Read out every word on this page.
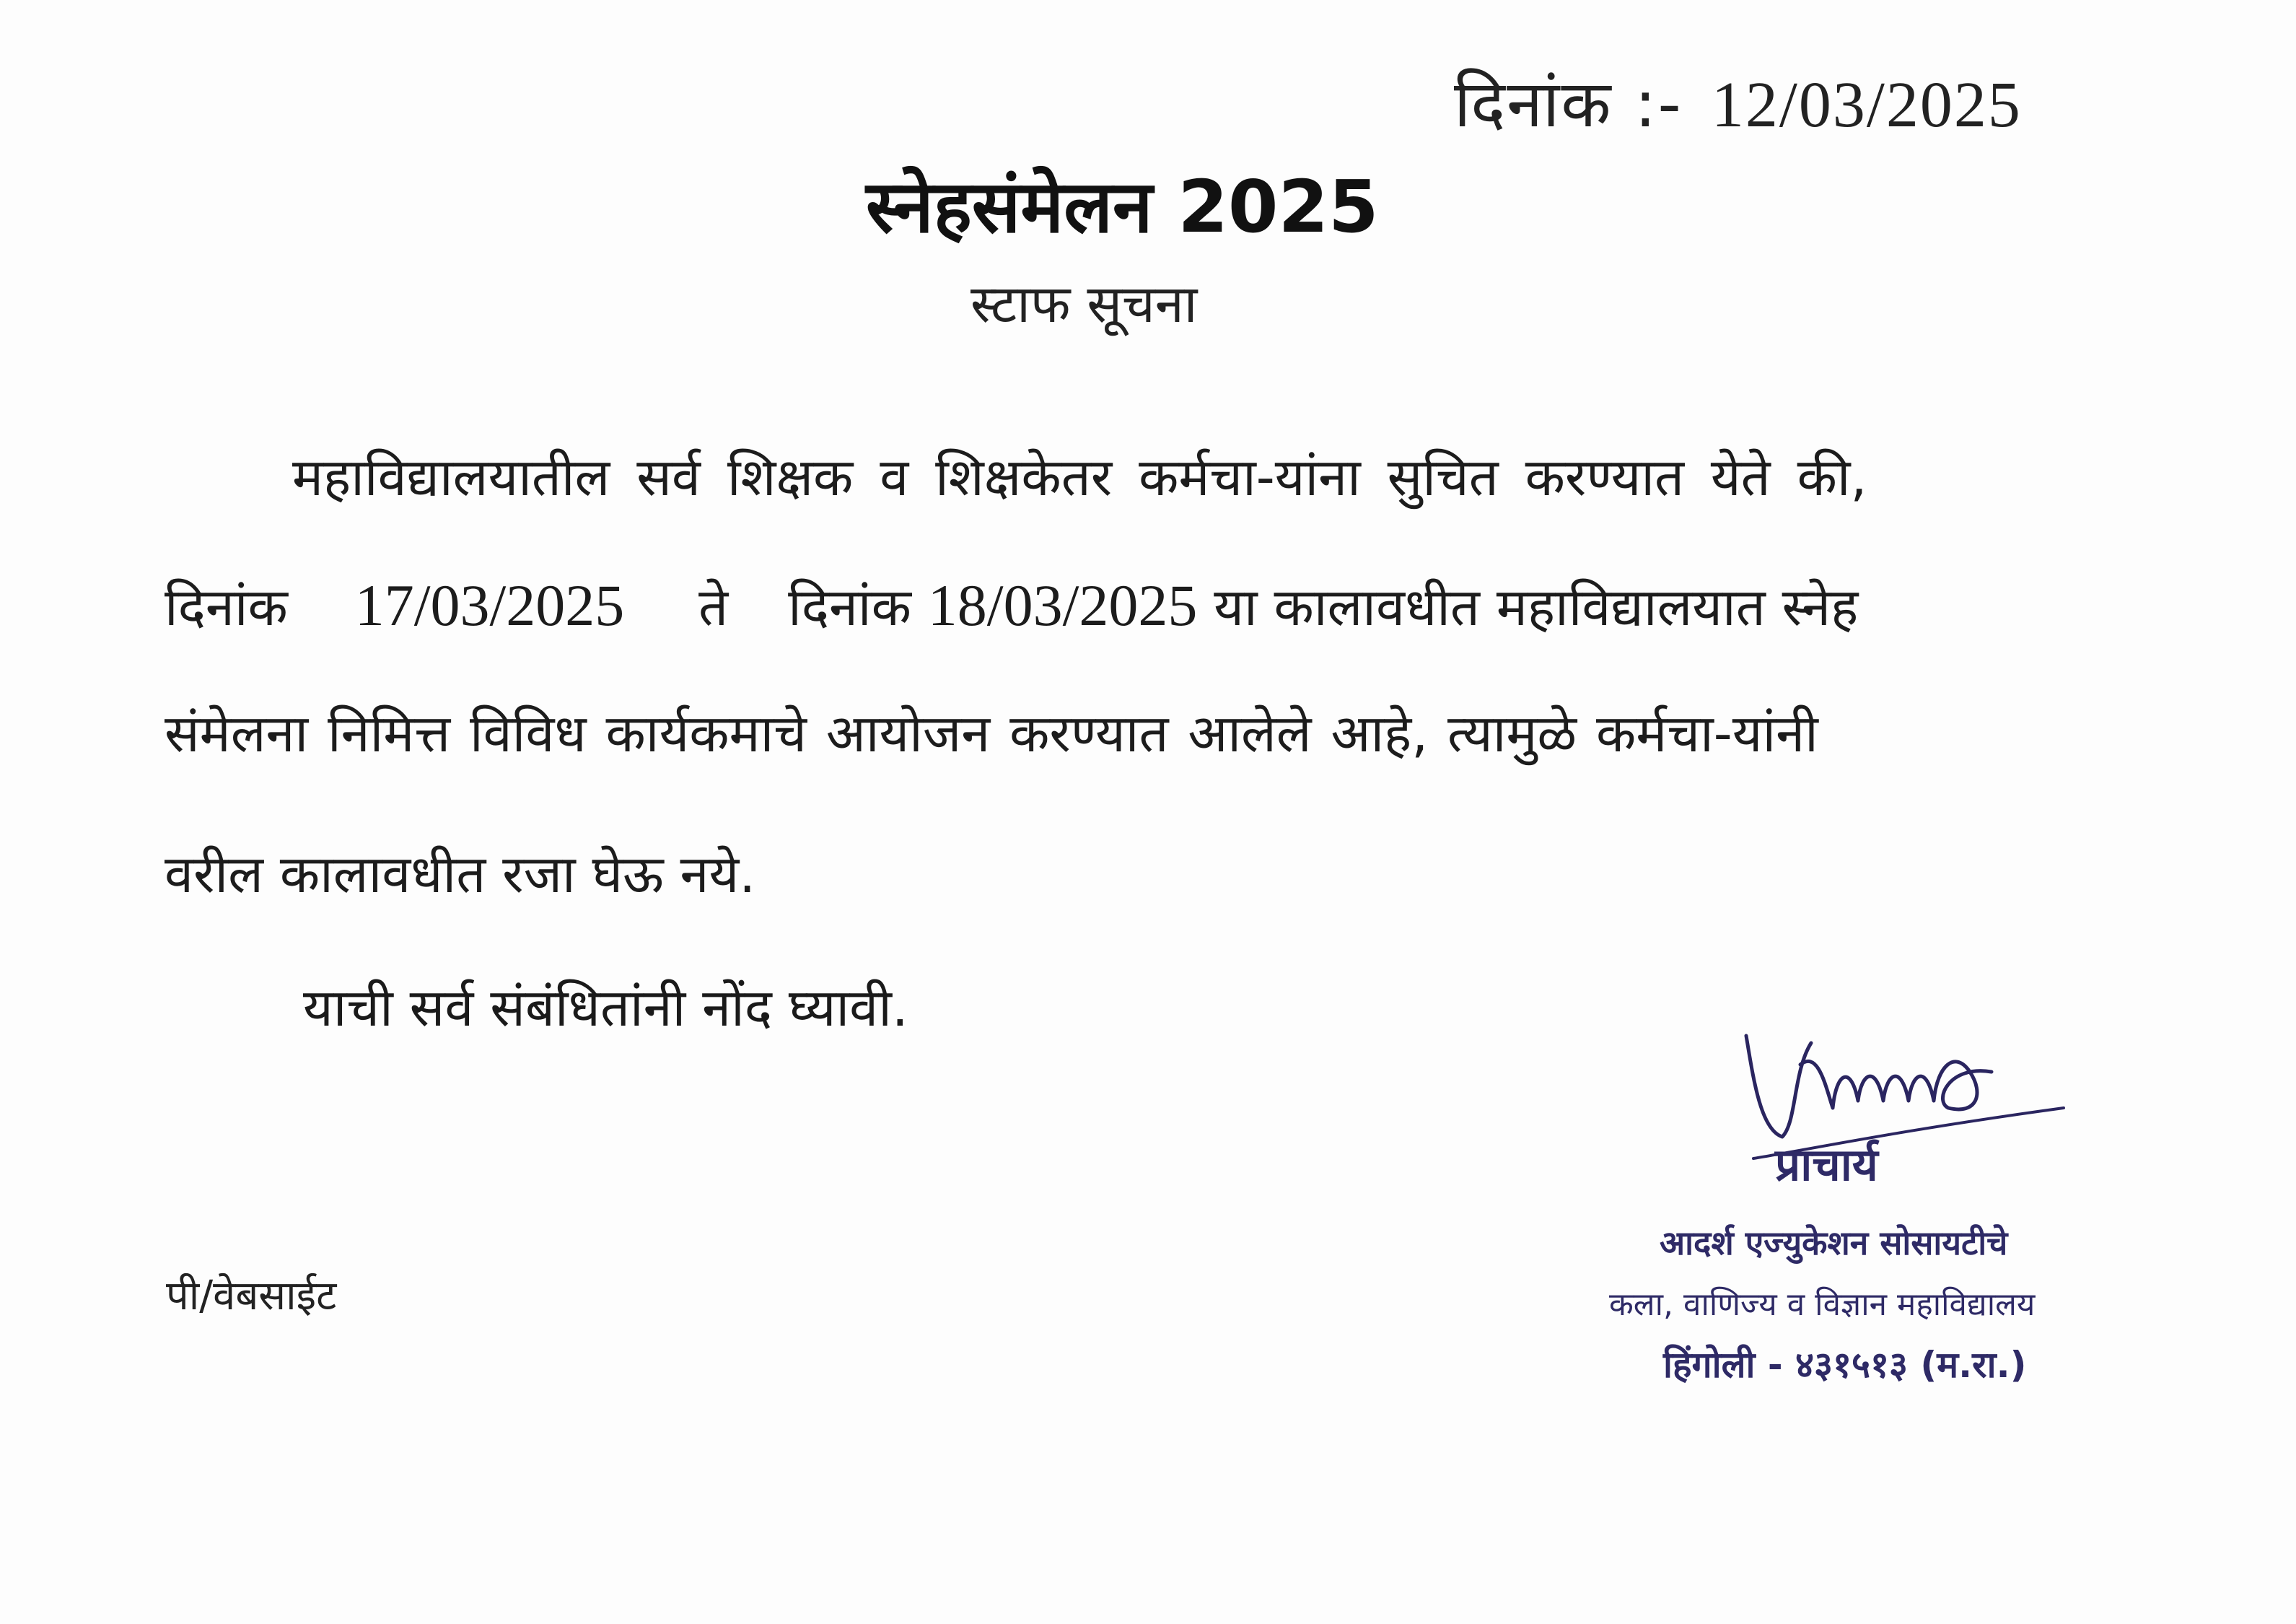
दिनांक :- 12/03/2025
स्नेहसंमेलन 2025
स्टाफ सूचना
महाविद्यालयातील सर्व शिक्षक व शिक्षकेतर कर्मचा-यांना सुचित करण्यात येते की,
दिनांक 17/03/2025 ते दिनांक 18/03/2025 या कालावधीत महाविद्यालयात स्नेह
संमेलना निमित्त विविध कार्यकमाचे आयोजन करण्यात आलेले आहे, त्यामुळे कर्मचा-यांनी
वरील कालावधीत रजा घेऊ नये.
याची सर्व संबंधितांनी नोंद घ्यावी.
प्राचार्य
आदर्श एज्युकेशन सोसायटीचे
कला, वाणिज्य व विज्ञान महाविद्यालय
हिंगोली - ४३१५१३ (म.रा.)
पी/वेबसाईट
